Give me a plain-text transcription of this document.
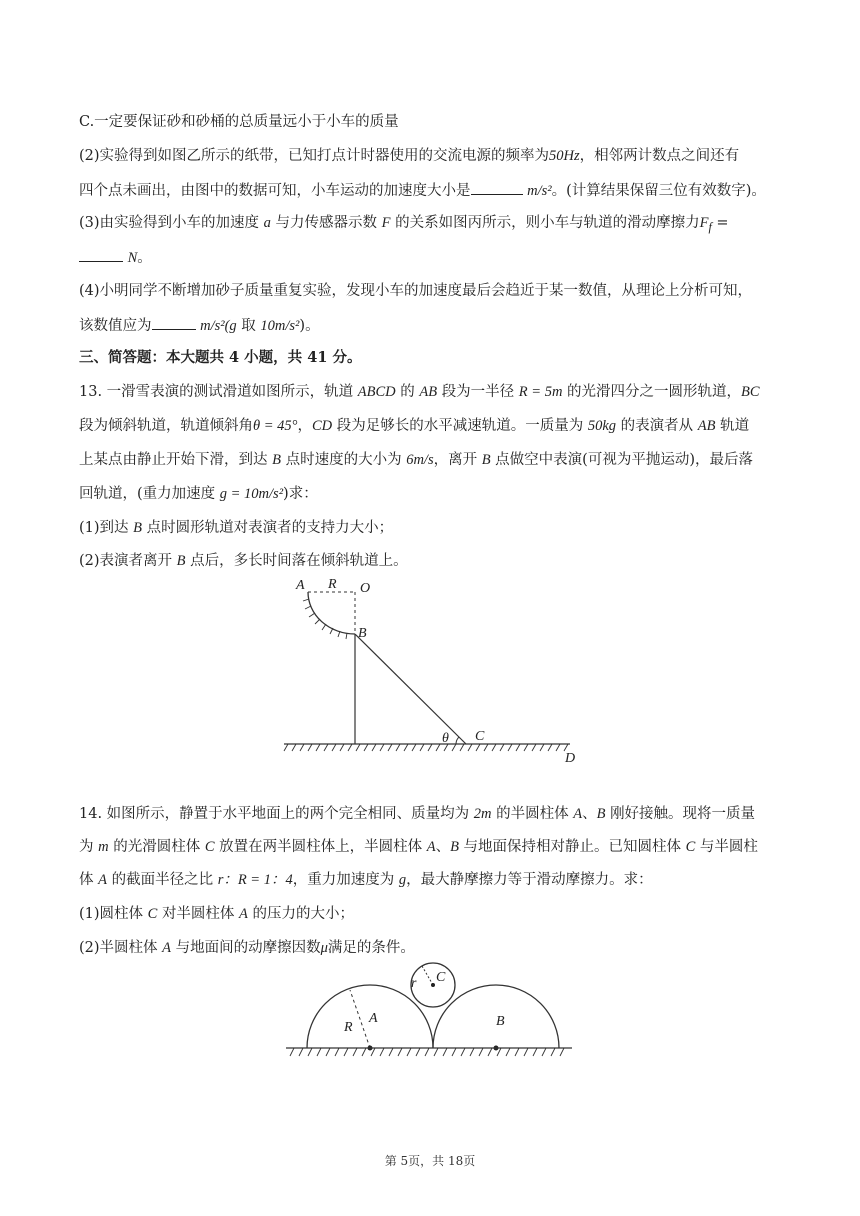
C.一定要保证砂和砂桶的总质量远小于小车的质量
(2)实验得到如图乙所示的纸带，已知打点计时器使用的交流电源的频率为50Hz，相邻两计数点之间还有
四个点未画出，由图中的数据可知，小车运动的加速度大小是	m/s²。(计算结果保留三位有效数字)。
(3)由实验得到小车的加速度 a 与力传感器示数 F 的关系如图丙所示，则小车与轨道的滑动摩擦力$F_f$ =
N。
(4)小明同学不断增加砂子质量重复实验，发现小车的加速度最后会趋近于某一数值，从理论上分析可知，
该数值应为	m/s²(g 取 10m/s²)。
三、简答题：本大题共 4 小题，共 41 分。
13. 一滑雪表演的测试滑道如图所示，轨道 ABCD 的 AB 段为一半径 R = 5m 的光滑四分之一圆形轨道，BC
段为倾斜轨道，轨道倾斜角θ = 45°，CD 段为足够长的水平减速轨道。一质量为 50kg 的表演者从 AB 轨道
上某点由静止开始下滑，到达 B 点时速度的大小为 6m/s，离开 B 点做空中表演(可视为平抛运动)，最后落
回轨道，(重力加速度 g = 10m/s²)求：
(1)到达 B 点时圆形轨道对表演者的支持力大小；
(2)表演者离开 B 点后，多长时间落在倾斜轨道上。
A R O
B
θ C
D
14. 如图所示，静置于水平地面上的两个完全相同、质量均为 2m 的半圆柱体 A、B 刚好接触。现将一质量
为 m 的光滑圆柱体 C 放置在两半圆柱体上，半圆柱体 A、B 与地面保持相对静止。已知圆柱体 C 与半圆柱
体 A 的截面半径之比 r：R = 1：4，重力加速度为 g，最大静摩擦力等于滑动摩擦力。求：
(1)圆柱体 C 对半圆柱体 A 的压力的大小；
(2)半圆柱体 A 与地面间的动摩擦因数μ满足的条件。
C
r
R
A	B
第 5页，共 18页
